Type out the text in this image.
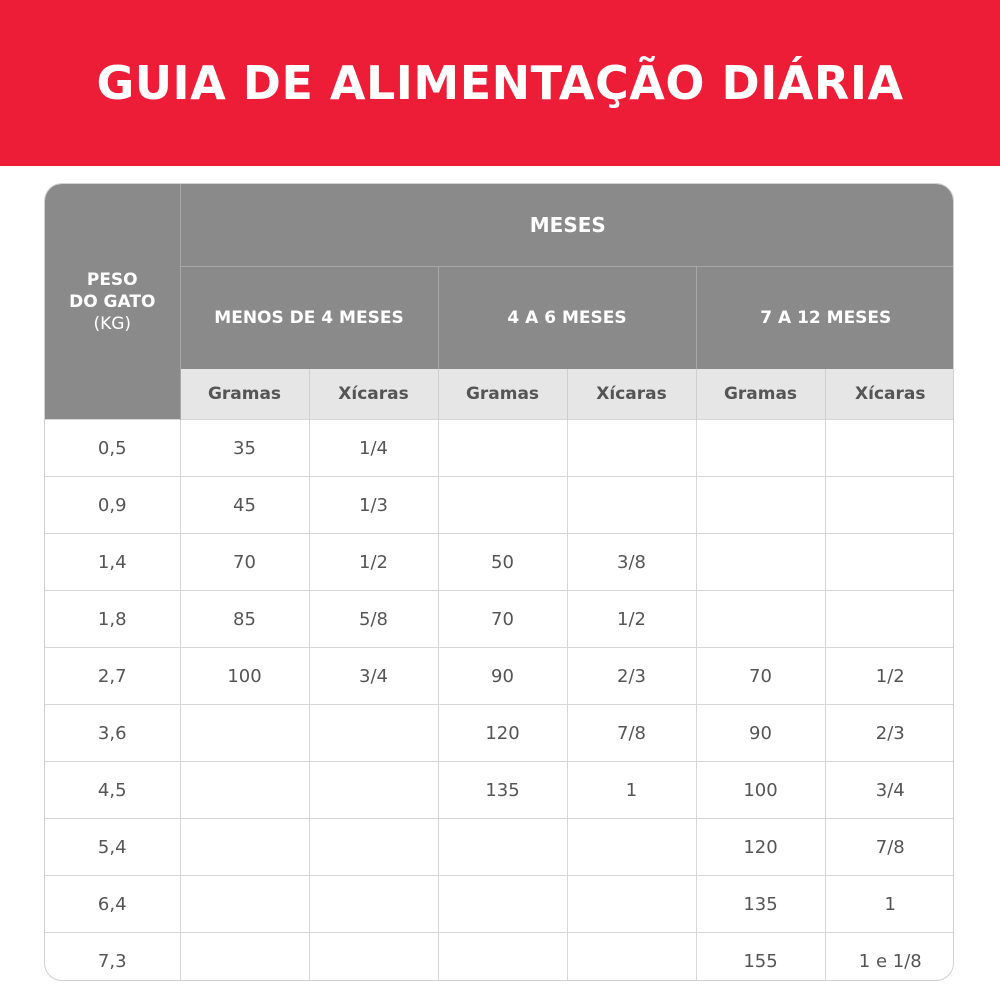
GUIA DE ALIMENTAÇÃO DIÁRIA
PESO
DO GATO
(KG)	MESES					
	MENOS DE 4 MESES		4 A 6 MESES		7 A 12 MESES	
	Gramas	Xícaras	Gramas	Xícaras	Gramas	Xícaras
0,5	35	1/4				
0,9	45	1/3				
1,4	70	1/2	50	3/8		
1,8	85	5/8	70	1/2		
2,7	100	3/4	90	2/3	70	1/2
3,6			120	7/8	90	2/3
4,5			135	1	100	3/4
5,4					120	7/8
6,4					135	1
7,3					155	1 e 1/8
